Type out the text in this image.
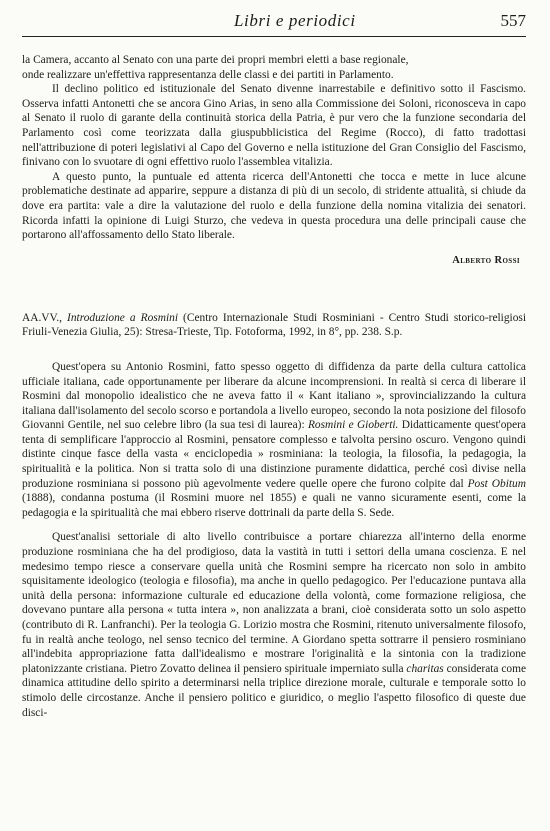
Libri e periodici	557

la Camera, accanto al Senato con una parte dei propri membri eletti a base regionale,

onde realizzare un'effettiva rappresentanza delle classi e dei partiti in Parlamento.

Il declino politico ed istituzionale del Senato divenne inarrestabile e definitivo sotto il Fascismo. Osserva infatti Antonetti che se ancora Gino Arias, in seno alla Commissione dei Soloni, riconosceva in capo al Senato il ruolo di garante della continuità storica della Patria, è pur vero che la funzione secondaria del Parlamento così come teorizzata dalla giuspubblicistica del Regime (Rocco), di fatto tradottasi nell'attribuzione di poteri legislativi al Capo del Governo e nella istituzione del Gran Consiglio del Fascismo, finivano con lo svuotare di ogni effettivo ruolo l'assemblea vitalizia.

A questo punto, la puntuale ed attenta ricerca dell'Antonetti che tocca e mette in luce alcune problematiche destinate ad apparire, seppure a distanza di più di un secolo, di stridente attualità, si chiude da dove era partita: vale a dire la valutazione del ruolo e della funzione della nomina vitalizia dei senatori. Ricorda infatti la opinione di Luigi Sturzo, che vedeva in questa procedura una delle principali cause che portarono all'affossamento dello Stato liberale.

Alberto Rossi
AA.VV., Introduzione a Rosmini (Centro Internazionale Studi Rosminiani - Centro Studi storico-religiosi Friuli-Venezia Giulia, 25): Stresa-Trieste, Tip. Fotoforma, 1992, in 8°, pp. 238. S.p.

Quest'opera su Antonio Rosmini, fatto spesso oggetto di diffidenza da parte della cultura cattolica ufficiale italiana, cade opportunamente per liberare da alcune incomprensioni. In realtà si cerca di liberare il Rosmini dal monopolio idealistico che ne aveva fatto il « Kant italiano », sprovincializzando la cultura italiana dall'isolamento del secolo scorso e portandola a livello europeo, secondo la nota posizione del filosofo Giovanni Gentile, nel suo celebre libro (la sua tesi di laurea): Rosmini e Gioberti. Didatticamente quest'opera tenta di semplificare l'approccio al Rosmini, pensatore complesso e talvolta persino oscuro. Vengono quindi distinte cinque fasce della vasta « enciclopedia » rosminiana: la teologia, la filosofia, la pedagogia, la spiritualità e la politica. Non si tratta solo di una distinzione puramente didattica, perché così divise nella produzione rosminiana si possono più agevolmente vedere quelle opere che furono colpite dal Post Obitum (1888), condanna postuma (il Rosmini muore nel 1855) e quali ne vanno sicuramente esenti, come la pedagogia e la spiritualità che mai ebbero riserve dottrinali da parte della S. Sede.

Quest'analisi settoriale di alto livello contribuisce a portare chiarezza all'interno della enorme produzione rosminiana che ha del prodigioso, data la vastità in tutti i settori della umana coscienza. E nel medesimo tempo riesce a conservare quella unità che Rosmini sempre ha ricercato non solo in ambito squisitamente ideologico (teologia e filosofia), ma anche in quello pedagogico. Per l'educazione puntava alla unità della persona: informazione culturale ed educazione della volontà, come formazione religiosa, che dovevano puntare alla persona « tutta intera », non analizzata a brani, cioè considerata sotto un solo aspetto (contributo di R. Lanfranchi). Per la teologia G. Lorizio mostra che Rosmini, ritenuto universalmente filosofo, fu in realtà anche teologo, nel senso tecnico del termine. A Giordano spetta sottrarre il pensiero rosminiano all'indebita appropriazione fatta dall'idealismo e mostrare l'originalità e la sintonia con la tradizione platonizzante cristiana. Pietro Zovatto delinea il pensiero spirituale imperniato sulla charitas considerata come dinamica attitudine dello spirito a determinarsi nella triplice direzione morale, culturale e temporale sotto lo stimolo delle circostanze. Anche il pensiero politico e giuridico, o meglio l'aspetto filosofico di queste due disci-
